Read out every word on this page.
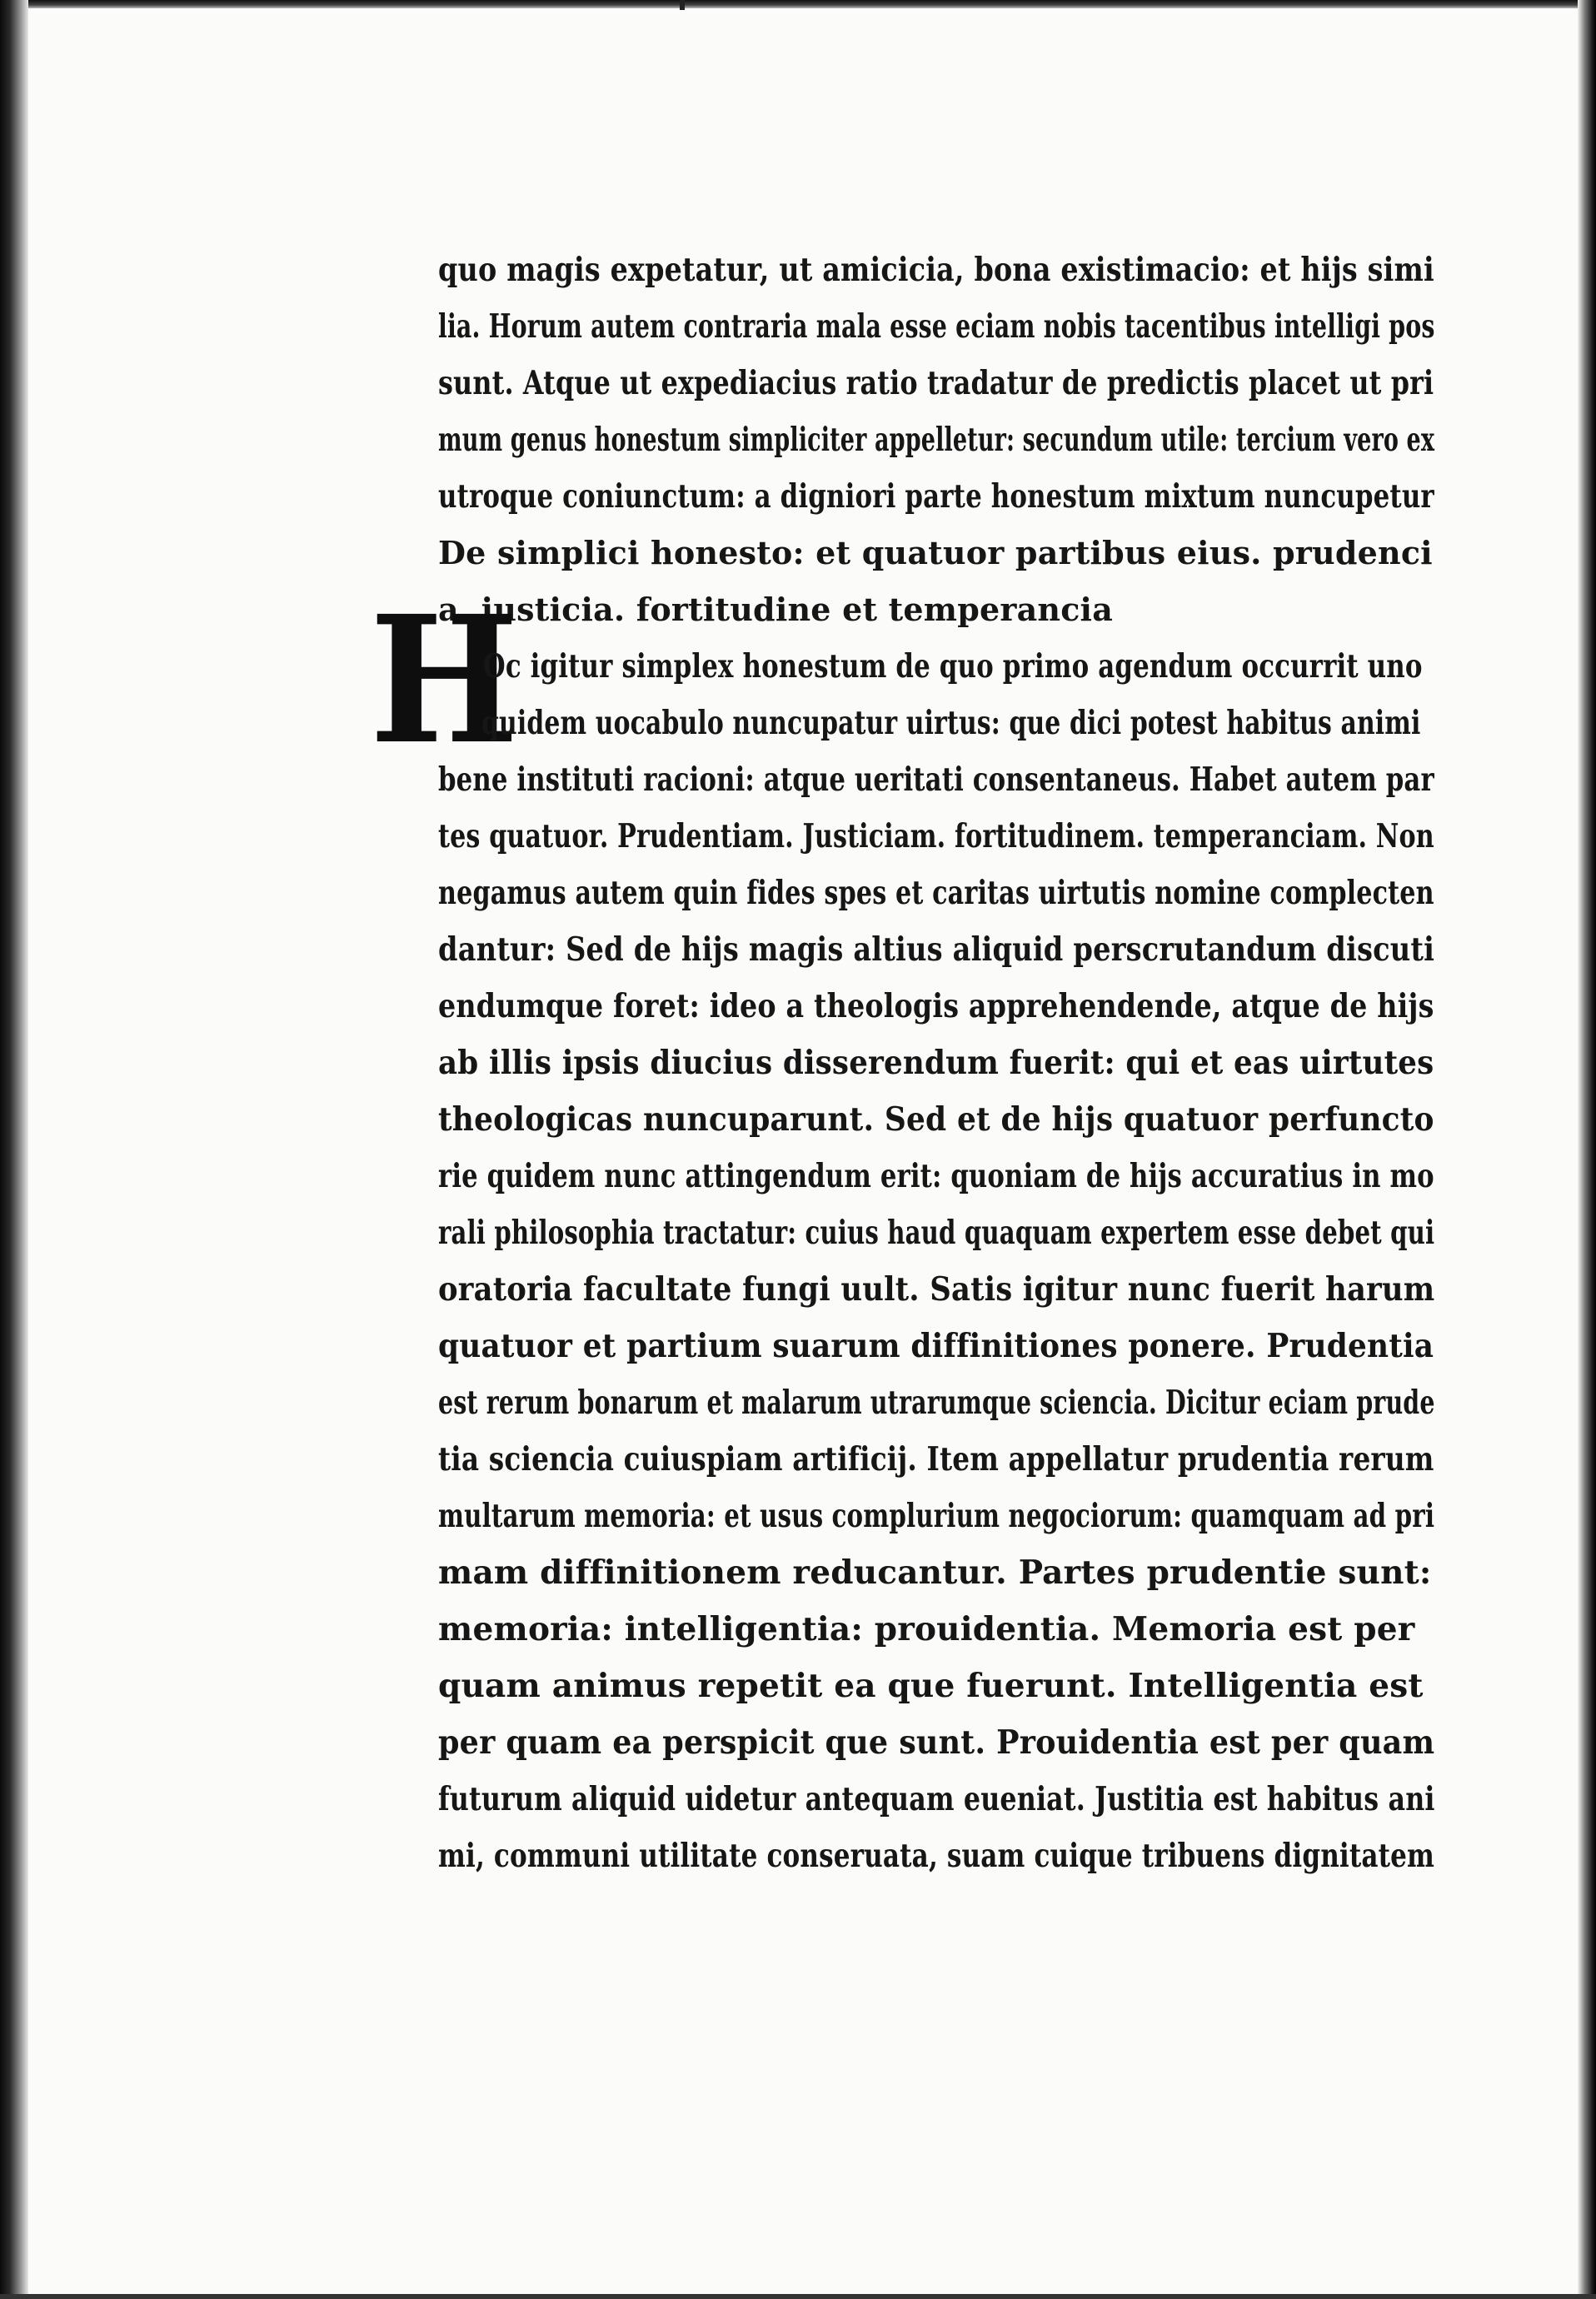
H
quo magis expetatur, ut amicicia, bona existimacio: et hijs simi
lia. Horum autem contraria mala esse eciam nobis tacentibus intelligi pos
sunt. Atque ut expediacius ratio tradatur de predictis placet ut pri
mum genus honestum simpliciter appelletur: secundum utile: tercium vero ex
utroque coniunctum: a digniori parte honestum mixtum nuncupetur
De simplici honesto: et quatuor partibus eius. prudenci
a. iusticia. fortitudine et temperancia
Oc igitur simplex honestum de quo primo agendum occurrit uno
quidem uocabulo nuncupatur uirtus: que dici potest habitus animi
bene instituti racioni: atque ueritati consentaneus. Habet autem par
tes quatuor. Prudentiam. Justiciam. fortitudinem. temperanciam. Non
negamus autem quin fides spes et caritas uirtutis nomine complecten
dantur: Sed de hijs magis altius aliquid perscrutandum discuti
endumque foret: ideo a theologis apprehendende, atque de hijs
ab illis ipsis diucius disserendum fuerit: qui et eas uirtutes
theologicas nuncuparunt. Sed et de hijs quatuor perfuncto
rie quidem nunc attingendum erit: quoniam de hijs accuratius in mo
rali philosophia tractatur: cuius haud quaquam expertem esse debet qui
oratoria facultate fungi uult. Satis igitur nunc fuerit harum
quatuor et partium suarum diffinitiones ponere. Prudentia
est rerum bonarum et malarum utrarumque sciencia. Dicitur eciam prude
tia sciencia cuiuspiam artificij. Item appellatur prudentia rerum
multarum memoria: et usus complurium negociorum: quamquam ad pri
mam diffinitionem reducantur. Partes prudentie sunt:
memoria: intelligentia: prouidentia. Memoria est per
quam animus repetit ea que fuerunt. Intelligentia est
per quam ea perspicit que sunt. Prouidentia est per quam
futurum aliquid uidetur antequam eueniat. Justitia est habitus ani
mi, communi utilitate conseruata, suam cuique tribuens dignitatem
